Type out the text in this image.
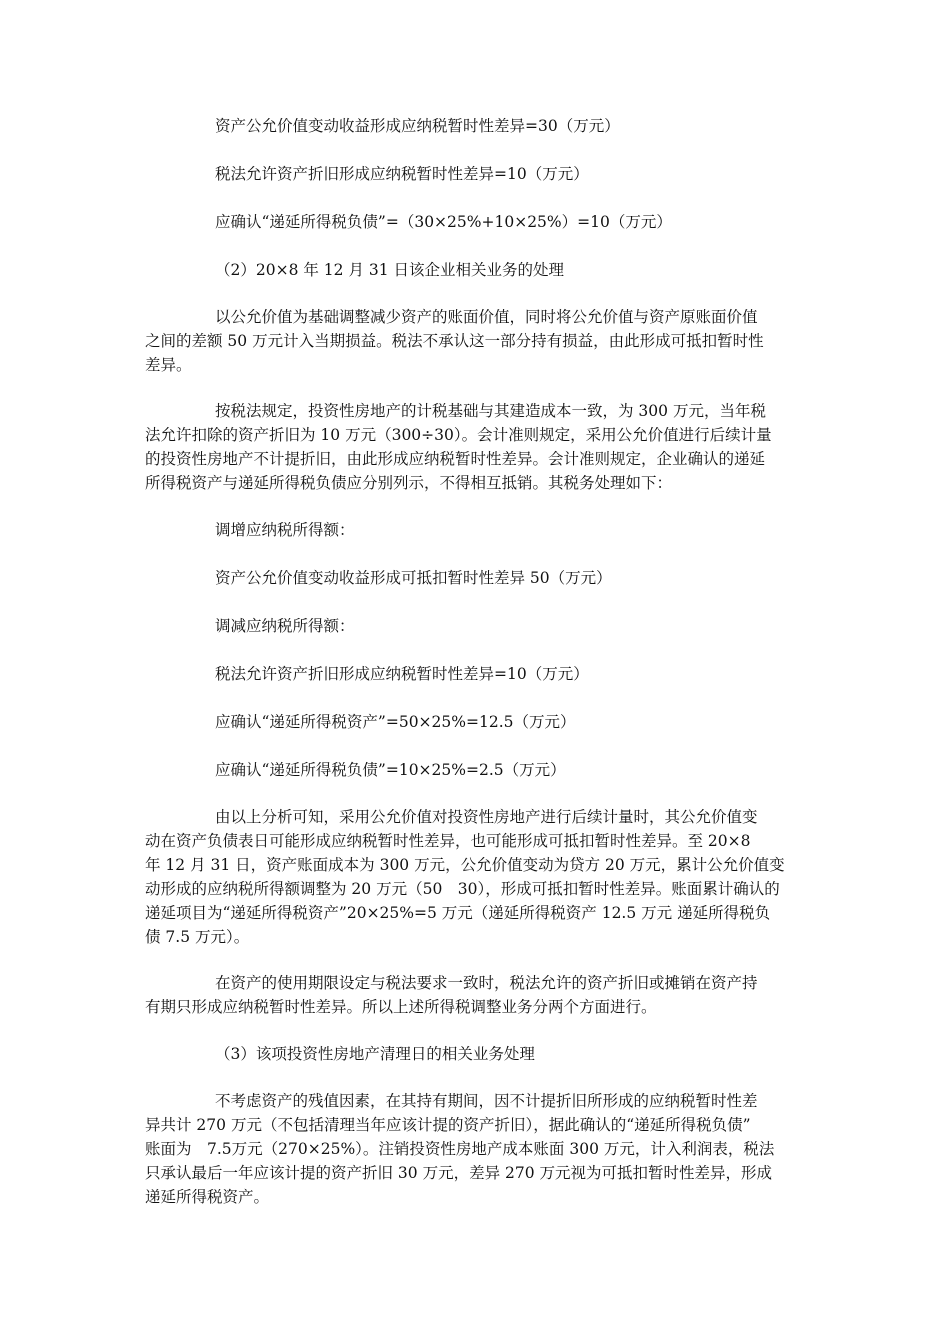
资产公允价值变动收益形成应纳税暂时性差异=30（万元）
税法允许资产折旧形成应纳税暂时性差异=10（万元）
应确认“递延所得税负债”=（30×25%+10×25%）=10（万元）
（2）20×8 年 12 月 31 日该企业相关业务的处理
以公允价值为基础调整减少资产的账面价值，同时将公允价值与资产原账面价值
之间的差额 50 万元计入当期损益。税法不承认这一部分持有损益，由此形成可抵扣暂时性
差异。
按税法规定，投资性房地产的计税基础与其建造成本一致，为 300 万元，当年税
法允许扣除的资产折旧为 10 万元（300÷30）。会计准则规定，采用公允价值进行后续计量
的投资性房地产不计提折旧，由此形成应纳税暂时性差异。会计准则规定，企业确认的递延
所得税资产与递延所得税负债应分别列示，不得相互抵销。其税务处理如下：
调增应纳税所得额：
资产公允价值变动收益形成可抵扣暂时性差异 50（万元）
调减应纳税所得额：
税法允许资产折旧形成应纳税暂时性差异=10（万元）
应确认“递延所得税资产”=50×25%=12.5（万元）
应确认“递延所得税负债”=10×25%=2.5（万元）
由以上分析可知，采用公允价值对投资性房地产进行后续计量时，其公允价值变
动在资产负债表日可能形成应纳税暂时性差异，也可能形成可抵扣暂时性差异。至 20×8
年 12 月 31 日，资产账面成本为 300 万元，公允价值变动为贷方 20 万元，累计公允价值变
动形成的应纳税所得额调整为 20 万元（50　30），形成可抵扣暂时性差异。账面累计确认的
递延项目为“递延所得税资产”20×25%=5 万元（递延所得税资产 12.5 万元 递延所得税负
债 7.5 万元）。
在资产的使用期限设定与税法要求一致时，税法允许的资产折旧或摊销在资产持
有期只形成应纳税暂时性差异。所以上述所得税调整业务分两个方面进行。
（3）该项投资性房地产清理日的相关业务处理
不考虑资产的残值因素，在其持有期间，因不计提折旧所形成的应纳税暂时性差
异共计 270 万元（不包括清理当年应该计提的资产折旧），据此确认的“递延所得税负债”
账面为　7.5万元（270×25%）。注销投资性房地产成本账面 300 万元，计入利润表，税法
只承认最后一年应该计提的资产折旧 30 万元，差异 270 万元视为可抵扣暂时性差异，形成
递延所得税资产。
